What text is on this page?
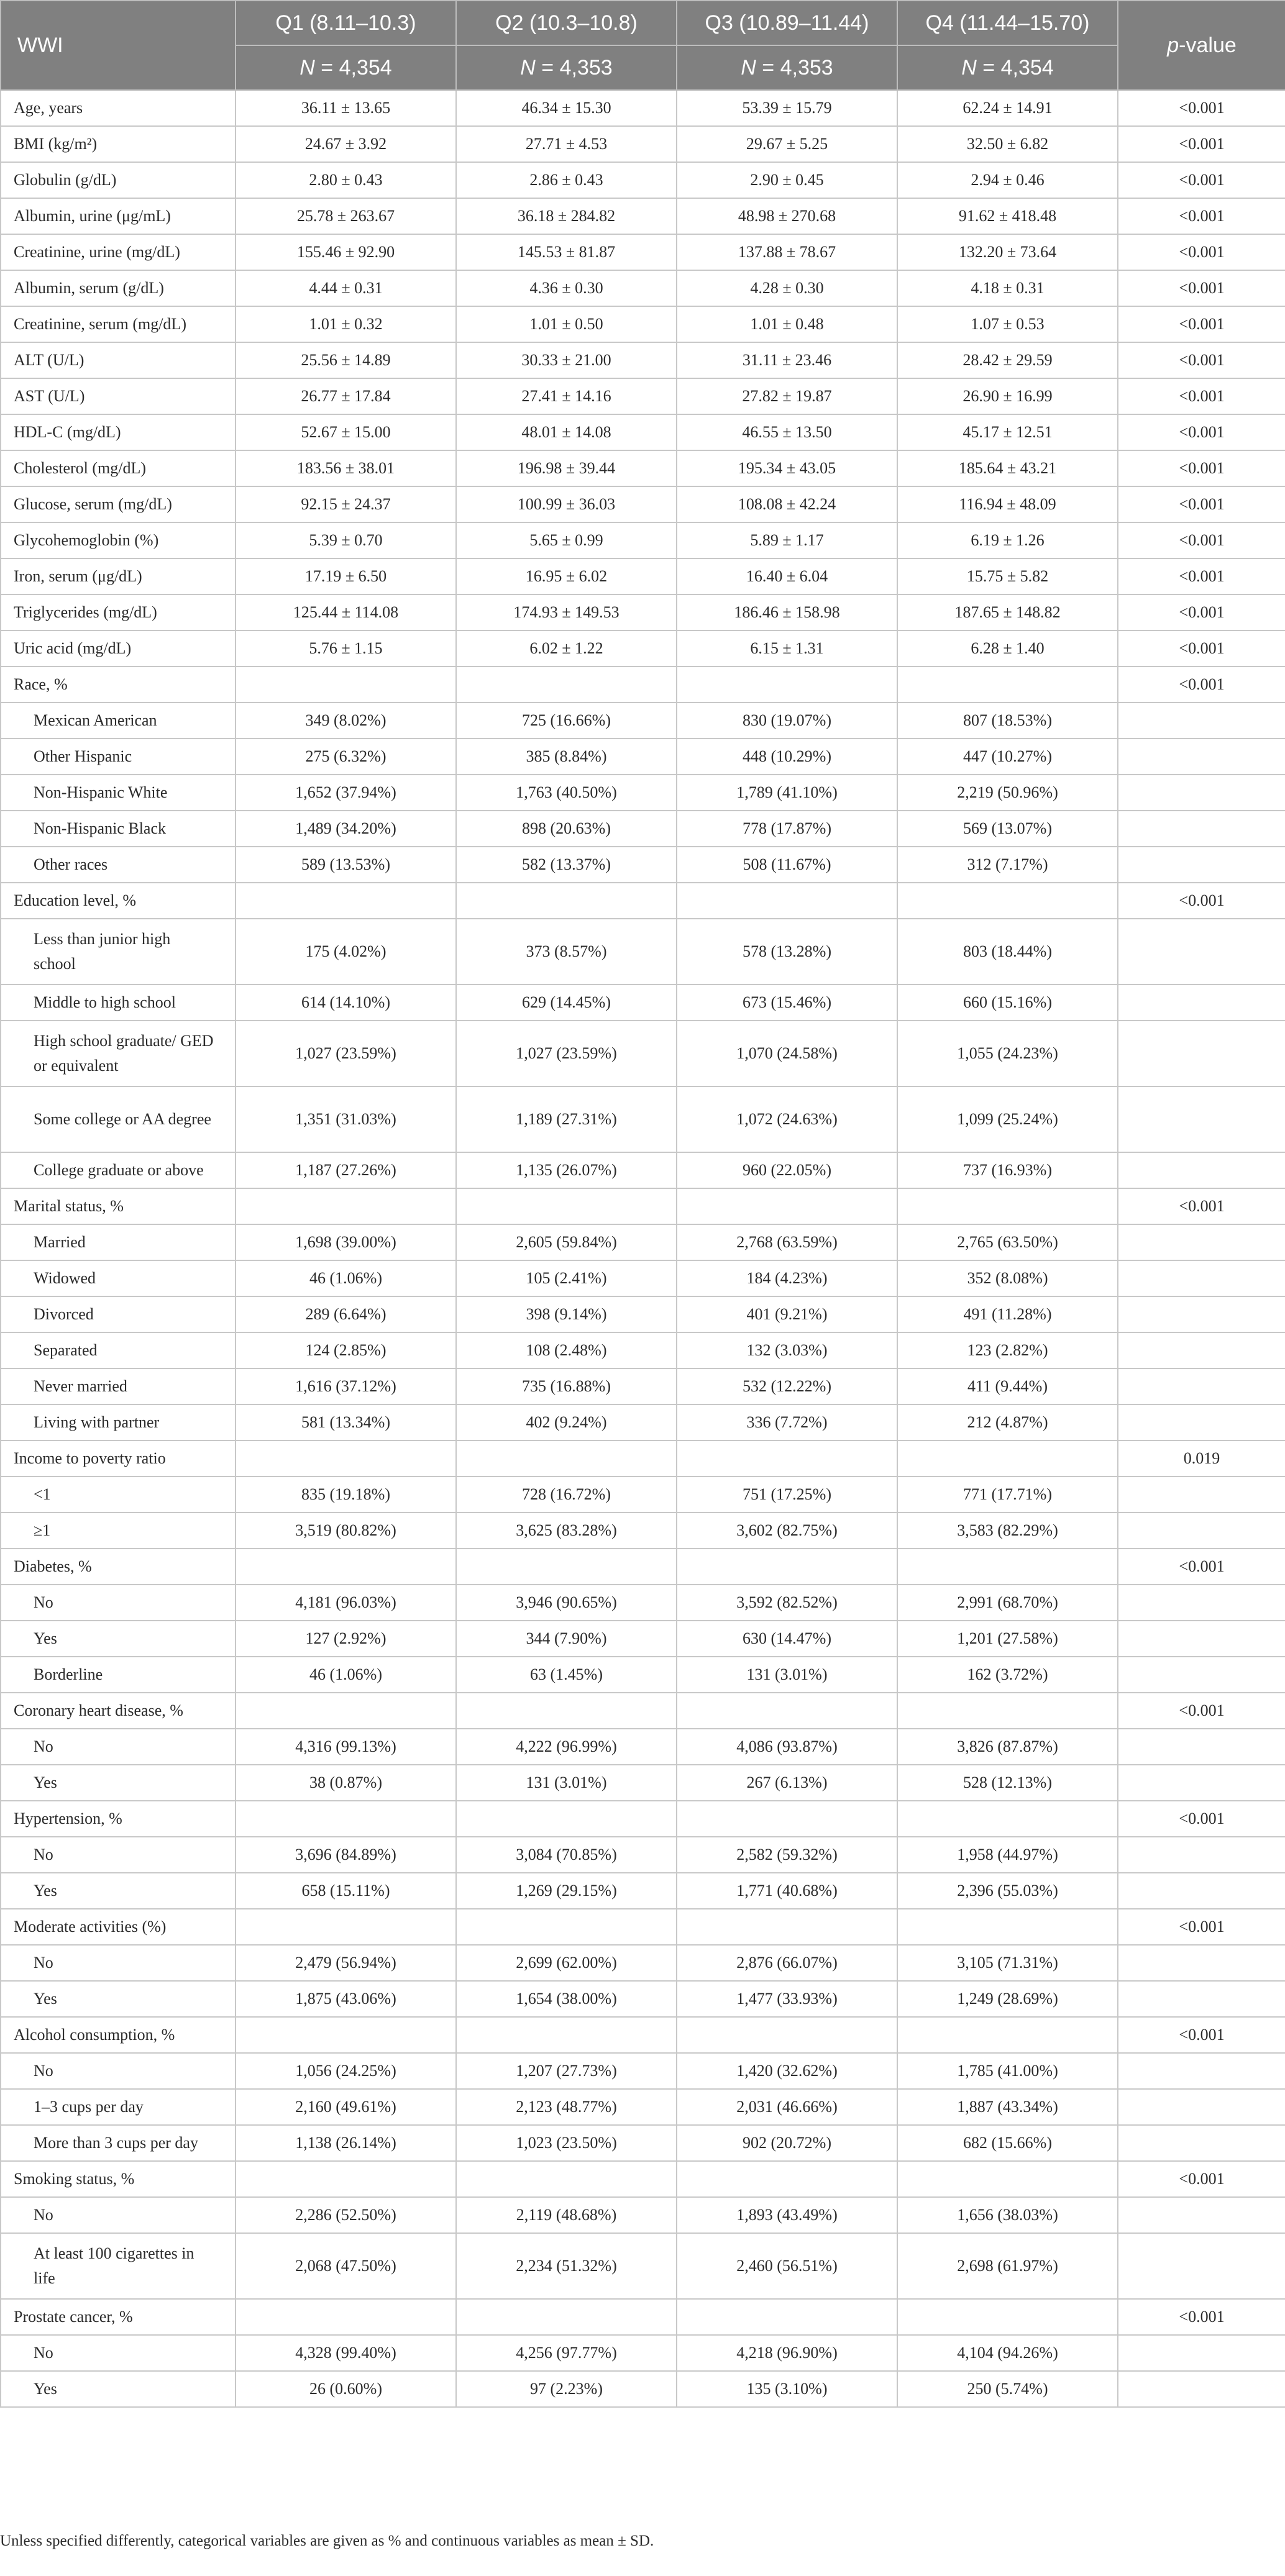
WWI	Q1 (8.11–10.3)	Q2 (10.3–10.8)	Q3 (10.89–11.44)	Q4 (11.44–15.70)	p-value
	N = 4,354	N = 4,353	N = 4,353	N = 4,354	
Age, years	36.11 ± 13.65	46.34 ± 15.30	53.39 ± 15.79	62.24 ± 14.91	<0.001
BMI (kg/m²)	24.67 ± 3.92	27.71 ± 4.53	29.67 ± 5.25	32.50 ± 6.82	<0.001
Globulin (g/dL)	2.80 ± 0.43	2.86 ± 0.43	2.90 ± 0.45	2.94 ± 0.46	<0.001
Albumin, urine (μg/mL)	25.78 ± 263.67	36.18 ± 284.82	48.98 ± 270.68	91.62 ± 418.48	<0.001
Creatinine, urine (mg/dL)	155.46 ± 92.90	145.53 ± 81.87	137.88 ± 78.67	132.20 ± 73.64	<0.001
Albumin, serum (g/dL)	4.44 ± 0.31	4.36 ± 0.30	4.28 ± 0.30	4.18 ± 0.31	<0.001
Creatinine, serum (mg/dL)	1.01 ± 0.32	1.01 ± 0.50	1.01 ± 0.48	1.07 ± 0.53	<0.001
ALT (U/L)	25.56 ± 14.89	30.33 ± 21.00	31.11 ± 23.46	28.42 ± 29.59	<0.001
AST (U/L)	26.77 ± 17.84	27.41 ± 14.16	27.82 ± 19.87	26.90 ± 16.99	<0.001
HDL-C (mg/dL)	52.67 ± 15.00	48.01 ± 14.08	46.55 ± 13.50	45.17 ± 12.51	<0.001
Cholesterol (mg/dL)	183.56 ± 38.01	196.98 ± 39.44	195.34 ± 43.05	185.64 ± 43.21	<0.001
Glucose, serum (mg/dL)	92.15 ± 24.37	100.99 ± 36.03	108.08 ± 42.24	116.94 ± 48.09	<0.001
Glycohemoglobin (%)	5.39 ± 0.70	5.65 ± 0.99	5.89 ± 1.17	6.19 ± 1.26	<0.001
Iron, serum (μg/dL)	17.19 ± 6.50	16.95 ± 6.02	16.40 ± 6.04	15.75 ± 5.82	<0.001
Triglycerides (mg/dL)	125.44 ± 114.08	174.93 ± 149.53	186.46 ± 158.98	187.65 ± 148.82	<0.001
Uric acid (mg/dL)	5.76 ± 1.15	6.02 ± 1.22	6.15 ± 1.31	6.28 ± 1.40	<0.001
Race, %					<0.001
Mexican American	349 (8.02%)	725 (16.66%)	830 (19.07%)	807 (18.53%)	
Other Hispanic	275 (6.32%)	385 (8.84%)	448 (10.29%)	447 (10.27%)	
Non-Hispanic White	1,652 (37.94%)	1,763 (40.50%)	1,789 (41.10%)	2,219 (50.96%)	
Non-Hispanic Black	1,489 (34.20%)	898 (20.63%)	778 (17.87%)	569 (13.07%)	
Other races	589 (13.53%)	582 (13.37%)	508 (11.67%)	312 (7.17%)	
Education level, %					<0.001
Less than junior high school	175 (4.02%)	373 (8.57%)	578 (13.28%)	803 (18.44%)	
Middle to high school	614 (14.10%)	629 (14.45%)	673 (15.46%)	660 (15.16%)	
High school graduate/ GED or equivalent	1,027 (23.59%)	1,027 (23.59%)	1,070 (24.58%)	1,055 (24.23%)	
Some college or AA degree	1,351 (31.03%)	1,189 (27.31%)	1,072 (24.63%)	1,099 (25.24%)	
College graduate or above	1,187 (27.26%)	1,135 (26.07%)	960 (22.05%)	737 (16.93%)	
Marital status, %					<0.001
Married	1,698 (39.00%)	2,605 (59.84%)	2,768 (63.59%)	2,765 (63.50%)	
Widowed	46 (1.06%)	105 (2.41%)	184 (4.23%)	352 (8.08%)	
Divorced	289 (6.64%)	398 (9.14%)	401 (9.21%)	491 (11.28%)	
Separated	124 (2.85%)	108 (2.48%)	132 (3.03%)	123 (2.82%)	
Never married	1,616 (37.12%)	735 (16.88%)	532 (12.22%)	411 (9.44%)	
Living with partner	581 (13.34%)	402 (9.24%)	336 (7.72%)	212 (4.87%)	
Income to poverty ratio					0.019
<1	835 (19.18%)	728 (16.72%)	751 (17.25%)	771 (17.71%)	
≥1	3,519 (80.82%)	3,625 (83.28%)	3,602 (82.75%)	3,583 (82.29%)	
Diabetes, %					<0.001
No	4,181 (96.03%)	3,946 (90.65%)	3,592 (82.52%)	2,991 (68.70%)	
Yes	127 (2.92%)	344 (7.90%)	630 (14.47%)	1,201 (27.58%)	
Borderline	46 (1.06%)	63 (1.45%)	131 (3.01%)	162 (3.72%)	
Coronary heart disease, %					<0.001
No	4,316 (99.13%)	4,222 (96.99%)	4,086 (93.87%)	3,826 (87.87%)	
Yes	38 (0.87%)	131 (3.01%)	267 (6.13%)	528 (12.13%)	
Hypertension, %					<0.001
No	3,696 (84.89%)	3,084 (70.85%)	2,582 (59.32%)	1,958 (44.97%)	
Yes	658 (15.11%)	1,269 (29.15%)	1,771 (40.68%)	2,396 (55.03%)	
Moderate activities (%)					<0.001
No	2,479 (56.94%)	2,699 (62.00%)	2,876 (66.07%)	3,105 (71.31%)	
Yes	1,875 (43.06%)	1,654 (38.00%)	1,477 (33.93%)	1,249 (28.69%)	
Alcohol consumption, %					<0.001
No	1,056 (24.25%)	1,207 (27.73%)	1,420 (32.62%)	1,785 (41.00%)	
1–3 cups per day	2,160 (49.61%)	2,123 (48.77%)	2,031 (46.66%)	1,887 (43.34%)	
More than 3 cups per day	1,138 (26.14%)	1,023 (23.50%)	902 (20.72%)	682 (15.66%)	
Smoking status, %					<0.001
No	2,286 (52.50%)	2,119 (48.68%)	1,893 (43.49%)	1,656 (38.03%)	
At least 100 cigarettes in life	2,068 (47.50%)	2,234 (51.32%)	2,460 (56.51%)	2,698 (61.97%)	
Prostate cancer, %					<0.001
No	4,328 (99.40%)	4,256 (97.77%)	4,218 (96.90%)	4,104 (94.26%)	
Yes	26 (0.60%)	97 (2.23%)	135 (3.10%)	250 (5.74%)	
Unless specified differently, categorical variables are given as % and continuous variables as mean ± SD.
